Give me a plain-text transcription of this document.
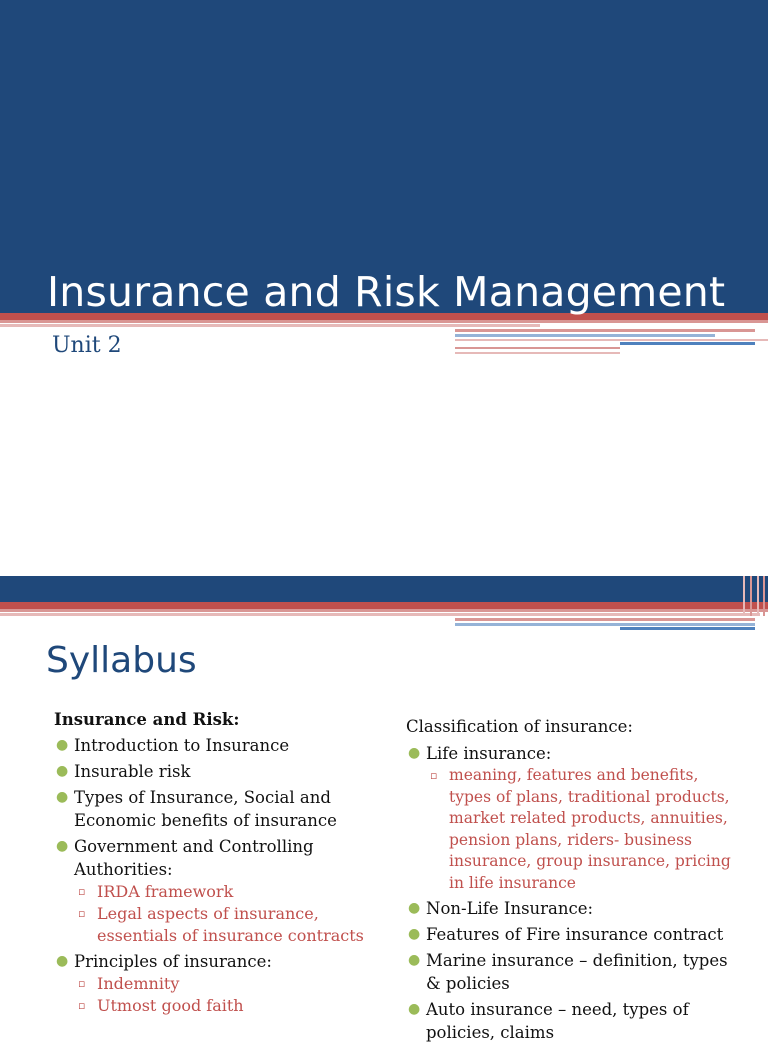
Insurance and Risk Management
Unit 2
Syllabus
Insurance and Risk:
● Introduction to Insurance
● Insurable risk
● Types of Insurance, Social and Economic benefits of insurance
● Government and Controlling Authorities:
▫ IRDA framework
▫ Legal aspects of insurance, essentials of insurance contracts
● Principles of insurance:
▫ Indemnity
▫ Utmost good faith
Classification of insurance:
● Life insurance:
▫ meaning, features and benefits, types of plans, traditional products, market related products, annuities, pension plans, riders- business insurance, group insurance, pricing in life insurance
● Non-Life Insurance:
● Features of Fire insurance contract
● Marine insurance – definition, types & policies
● Auto insurance – need, types of policies, claims
